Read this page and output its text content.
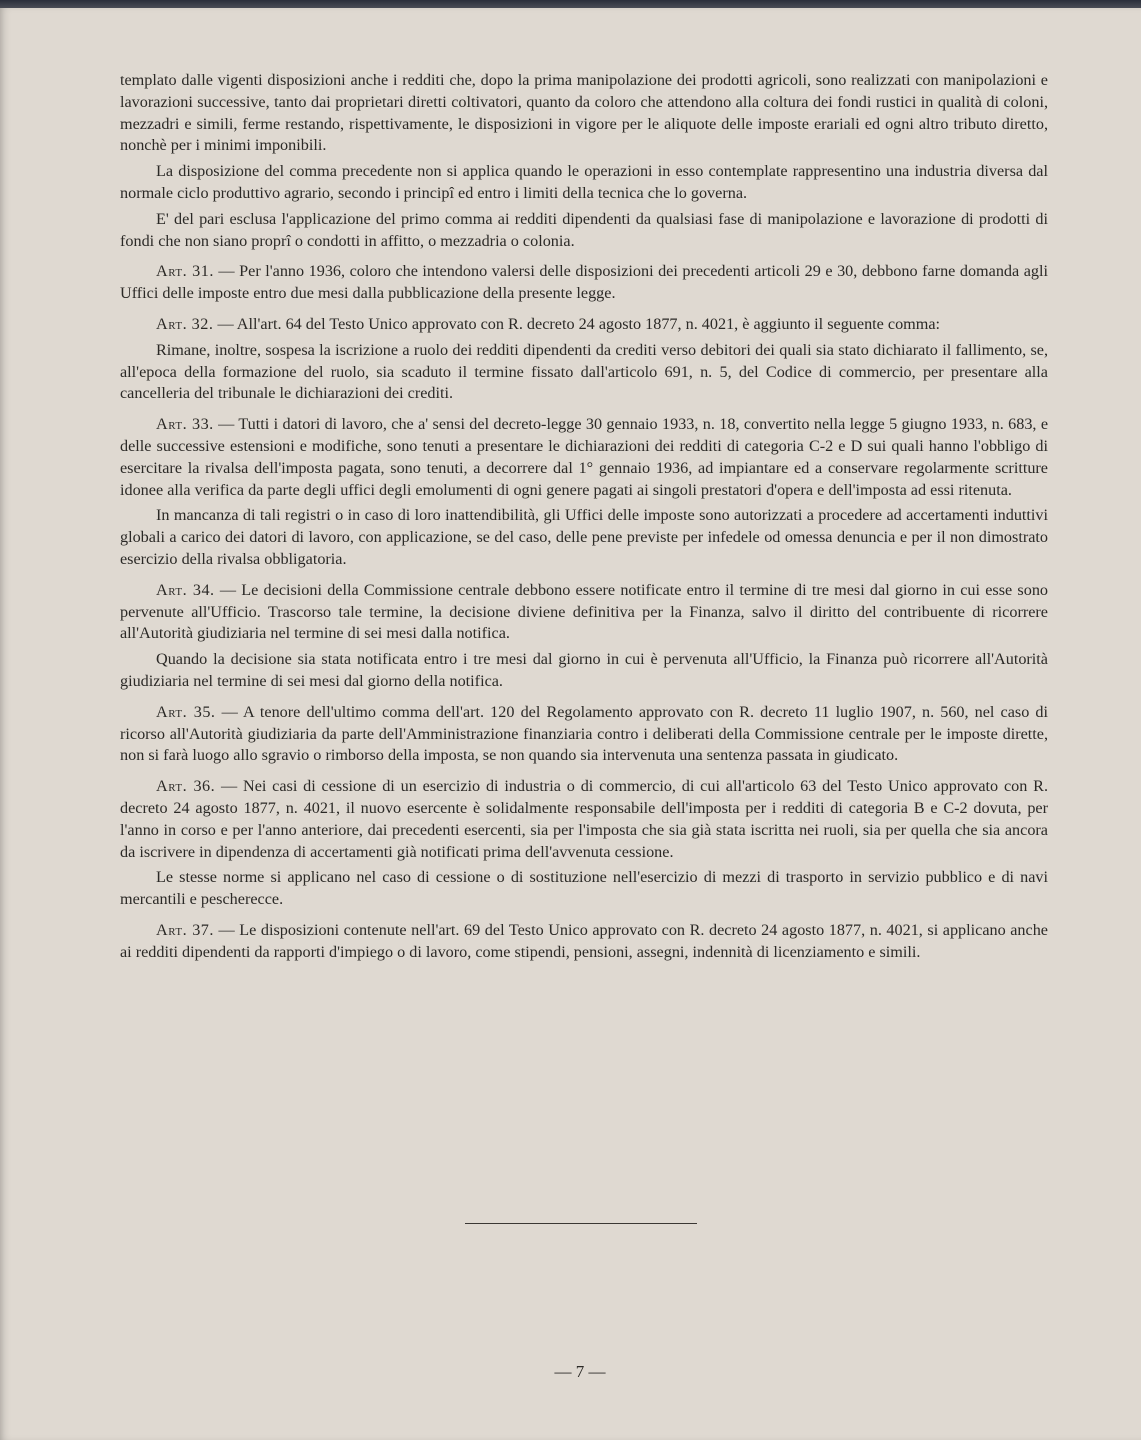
templato dalle vigenti disposizioni anche i redditi che, dopo la prima manipolazione dei prodotti agricoli, sono realizzati con manipolazioni e lavorazioni successive, tanto dai proprietari diretti coltivatori, quanto da coloro che attendono alla coltura dei fondi rustici in qualità di coloni, mezzadri e simili, ferme restando, rispettivamente, le disposizioni in vigore per le aliquote delle imposte erariali ed ogni altro tributo diretto, nonchè per i minimi imponibili.

La disposizione del comma precedente non si applica quando le operazioni in esso contemplate rappresentino una industria diversa dal normale ciclo produttivo agrario, secondo i principî ed entro i limiti della tecnica che lo governa.

E' del pari esclusa l'applicazione del primo comma ai redditi dipendenti da qualsiasi fase di manipolazione e lavorazione di prodotti di fondi che non siano proprî o condotti in affitto, o mezzadria o colonia.

Art. 31. — Per l'anno 1936, coloro che intendono valersi delle disposizioni dei precedenti articoli 29 e 30, debbono farne domanda agli Uffici delle imposte entro due mesi dalla pubblicazione della presente legge.

Art. 32. — All'art. 64 del Testo Unico approvato con R. decreto 24 agosto 1877, n. 4021, è aggiunto il seguente comma:

Rimane, inoltre, sospesa la iscrizione a ruolo dei redditi dipendenti da crediti verso debitori dei quali sia stato dichiarato il fallimento, se, all'epoca della formazione del ruolo, sia scaduto il termine fissato dall'articolo 691, n. 5, del Codice di commercio, per presentare alla cancelleria del tribunale le dichiarazioni dei crediti.

Art. 33. — Tutti i datori di lavoro, che a' sensi del decreto-legge 30 gennaio 1933, n. 18, convertito nella legge 5 giugno 1933, n. 683, e delle successive estensioni e modifiche, sono tenuti a presentare le dichiarazioni dei redditi di categoria C-2 e D sui quali hanno l'obbligo di esercitare la rivalsa dell'imposta pagata, sono tenuti, a decorrere dal 1° gennaio 1936, ad impiantare ed a conservare regolarmente scritture idonee alla verifica da parte degli uffici degli emolumenti di ogni genere pagati ai singoli prestatori d'opera e dell'imposta ad essi ritenuta.

In mancanza di tali registri o in caso di loro inattendibilità, gli Uffici delle imposte sono autorizzati a procedere ad accertamenti induttivi globali a carico dei datori di lavoro, con applicazione, se del caso, delle pene previste per infedele od omessa denuncia e per il non dimostrato esercizio della rivalsa obbligatoria.

Art. 34. — Le decisioni della Commissione centrale debbono essere notificate entro il termine di tre mesi dal giorno in cui esse sono pervenute all'Ufficio. Trascorso tale termine, la decisione diviene definitiva per la Finanza, salvo il diritto del contribuente di ricorrere all'Autorità giudiziaria nel termine di sei mesi dalla notifica.

Quando la decisione sia stata notificata entro i tre mesi dal giorno in cui è pervenuta all'Ufficio, la Finanza può ricorrere all'Autorità giudiziaria nel termine di sei mesi dal giorno della notifica.

Art. 35. — A tenore dell'ultimo comma dell'art. 120 del Regolamento approvato con R. decreto 11 luglio 1907, n. 560, nel caso di ricorso all'Autorità giudiziaria da parte dell'Amministrazione finanziaria contro i deliberati della Commissione centrale per le imposte dirette, non si farà luogo allo sgravio o rimborso della imposta, se non quando sia intervenuta una sentenza passata in giudicato.

Art. 36. — Nei casi di cessione di un esercizio di industria o di commercio, di cui all'articolo 63 del Testo Unico approvato con R. decreto 24 agosto 1877, n. 4021, il nuovo esercente è solidalmente responsabile dell'imposta per i redditi di categoria B e C-2 dovuta, per l'anno in corso e per l'anno anteriore, dai precedenti esercenti, sia per l'imposta che sia già stata iscritta nei ruoli, sia per quella che sia ancora da iscrivere in dipendenza di accertamenti già notificati prima dell'avvenuta cessione.

Le stesse norme si applicano nel caso di cessione o di sostituzione nell'esercizio di mezzi di trasporto in servizio pubblico e di navi mercantili e pescherecce.

Art. 37. — Le disposizioni contenute nell'art. 69 del Testo Unico approvato con R. decreto 24 agosto 1877, n. 4021, si applicano anche ai redditi dipendenti da rapporti d'impiego o di lavoro, come stipendi, pensioni, assegni, indennità di licenziamento e simili.

— 7 —
